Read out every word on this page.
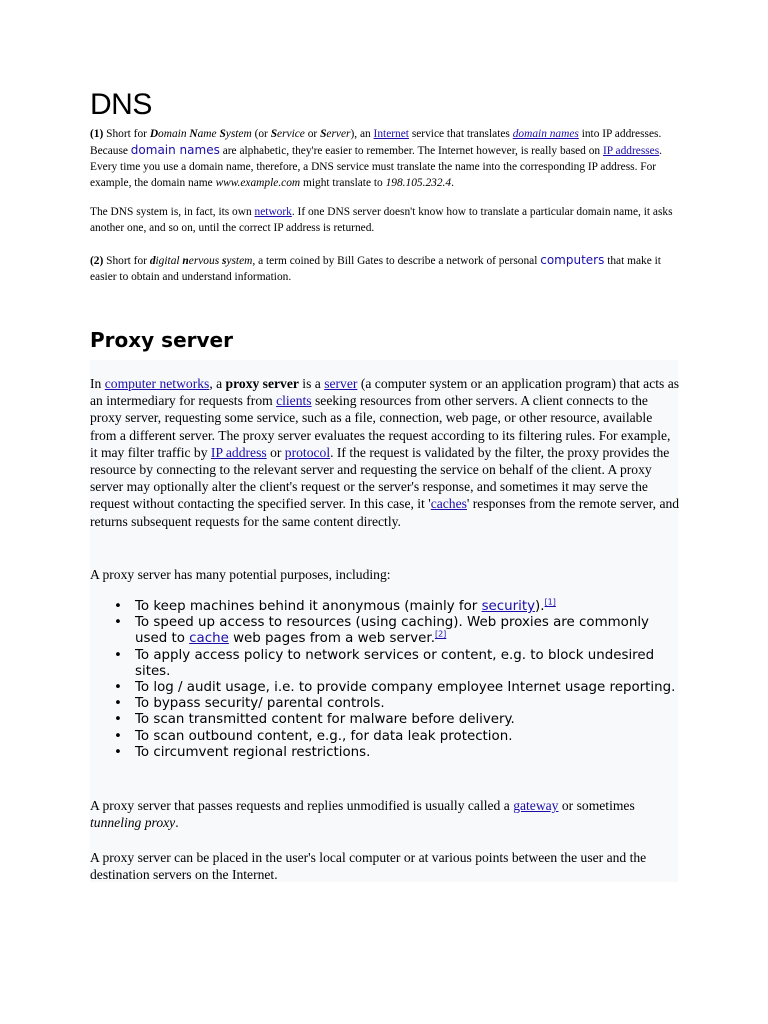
DNS

(1) Short for Domain Name System (or Service or Server), an Internet service that translates domain names into IP addresses. Because domain names are alphabetic, they're easier to remember. The Internet however, is really based on IP addresses. Every time you use a domain name, therefore, a DNS service must translate the name into the corresponding IP address. For example, the domain name www.example.com might translate to 198.105.232.4.

The DNS system is, in fact, its own network. If one DNS server doesn't know how to translate a particular domain name, it asks another one, and so on, until the correct IP address is returned.

(2) Short for digital nervous system, a term coined by Bill Gates to describe a network of personal computers that make it easier to obtain and understand information.

Proxy server

In computer networks, a proxy server is a server (a computer system or an application program) that acts as an intermediary for requests from clients seeking resources from other servers. A client connects to the proxy server, requesting some service, such as a file, connection, web page, or other resource, available from a different server. The proxy server evaluates the request according to its filtering rules. For example, it may filter traffic by IP address or protocol. If the request is validated by the filter, the proxy provides the resource by connecting to the relevant server and requesting the service on behalf of the client. A proxy server may optionally alter the client's request or the server's response, and sometimes it may serve the request without contacting the specified server. In this case, it 'caches' responses from the remote server, and returns subsequent requests for the same content directly.

A proxy server has many potential purposes, including:

• To keep machines behind it anonymous (mainly for security).[1]
• To speed up access to resources (using caching). Web proxies are commonly used to cache web pages from a web server.[2]
• To apply access policy to network services or content, e.g. to block undesired sites.
• To log / audit usage, i.e. to provide company employee Internet usage reporting.
• To bypass security/ parental controls.
• To scan transmitted content for malware before delivery.
• To scan outbound content, e.g., for data leak protection.
• To circumvent regional restrictions.

A proxy server that passes requests and replies unmodified is usually called a gateway or sometimes tunneling proxy.

A proxy server can be placed in the user's local computer or at various points between the user and the destination servers on the Internet.
